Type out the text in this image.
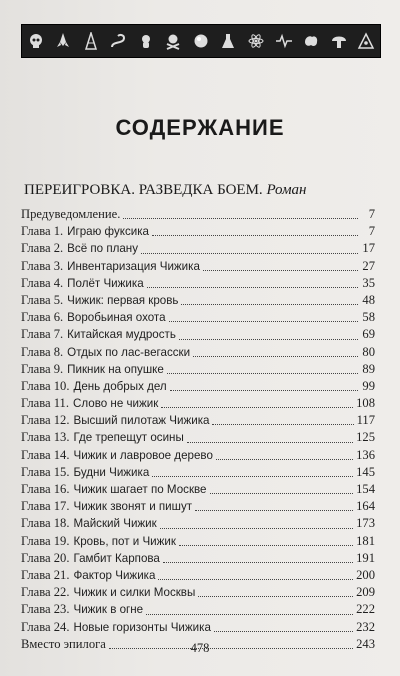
СОДЕРЖАНИЕ
ПЕРЕИГРОВКА. РАЗВЕДКА БОЕМ. Роман
Предуведомление.	7
Глава 1. Играю фуксика	7
Глава 2. Всё по плану	17
Глава 3. Инвентаризация Чижика	27
Глава 4. Полёт Чижика	35
Глава 5. Чижик: первая кровь	48
Глава 6. Воробьиная охота	58
Глава 7. Китайская мудрость	69
Глава 8. Отдых по лас-вегасски	80
Глава 9. Пикник на опушке	89
Глава 10. День добрых дел	99
Глава 11. Слово не чижик	108
Глава 12. Высший пилотаж Чижика	117
Глава 13. Где трепещут осины	125
Глава 14. Чижик и лавровое дерево	136
Глава 15. Будни Чижика	145
Глава 16. Чижик шагает по Москве	154
Глава 17. Чижик звонят и пишут	164
Глава 18. Майский Чижик	173
Глава 19. Кровь, пот и Чижик	181
Глава 20. Гамбит Карпова	191
Глава 21. Фактор Чижика	200
Глава 22. Чижик и силки Москвы	209
Глава 23. Чижик в огне	222
Глава 24. Новые горизонты Чижика	232
Вместо эпилога	243
478
